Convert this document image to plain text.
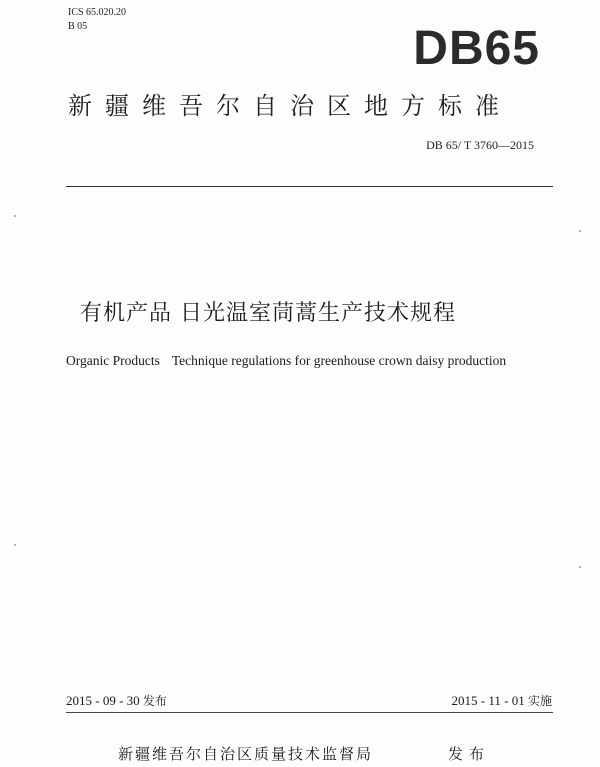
ICS 65.020.20
B 05	DB65
新疆维吾尔自治区地方标准
DB 65/ T 3760—2015
有机产品 日光温室茼蒿生产技术规程
Organic Products Technique regulations for greenhouse crown daisy production
2015 - 09 - 30 发布	2015 - 11 - 01 实施
新疆维吾尔自治区质量技术监督局	发布
